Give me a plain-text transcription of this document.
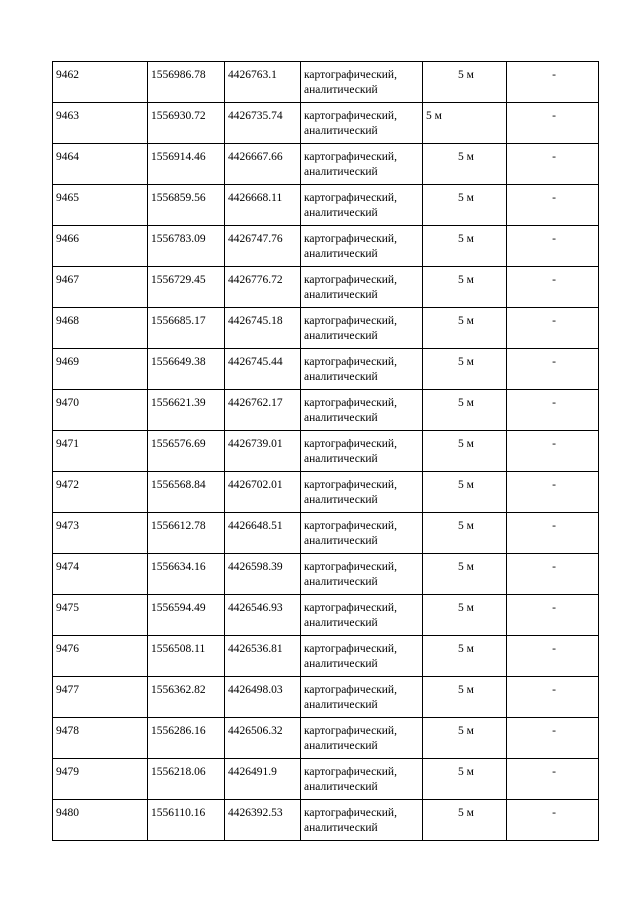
9462	1556986.78	4426763.1	картографический,
аналитический	5 м	-

9463	1556930.72	4426735.74	картографический,
аналитический	5 м	-

9464	1556914.46	4426667.66	картографический,
аналитический	5 м	-

9465	1556859.56	4426668.11	картографический,
аналитический	5 м	-

9466	1556783.09	4426747.76	картографический,
аналитический	5 м	-

9467	1556729.45	4426776.72	картографический,
аналитический	5 м	-

9468	1556685.17	4426745.18	картографический,
аналитический	5 м	-

9469	1556649.38	4426745.44	картографический,
аналитический	5 м	-

9470	1556621.39	4426762.17	картографический,
аналитический	5 м	-

9471	1556576.69	4426739.01	картографический,
аналитический	5 м	-

9472	1556568.84	4426702.01	картографический,
аналитический	5 м	-

9473	1556612.78	4426648.51	картографический,
аналитический	5 м	-

9474	1556634.16	4426598.39	картографический,
аналитический	5 м	-

9475	1556594.49	4426546.93	картографический,
аналитический	5 м	-

9476	1556508.11	4426536.81	картографический,
аналитический	5 м	-

9477	1556362.82	4426498.03	картографический,
аналитический	5 м	-

9478	1556286.16	4426506.32	картографический,
аналитический	5 м	-

9479	1556218.06	4426491.9	картографический,
аналитический	5 м	-

9480	1556110.16	4426392.53	картографический,
аналитический	5 м	-
